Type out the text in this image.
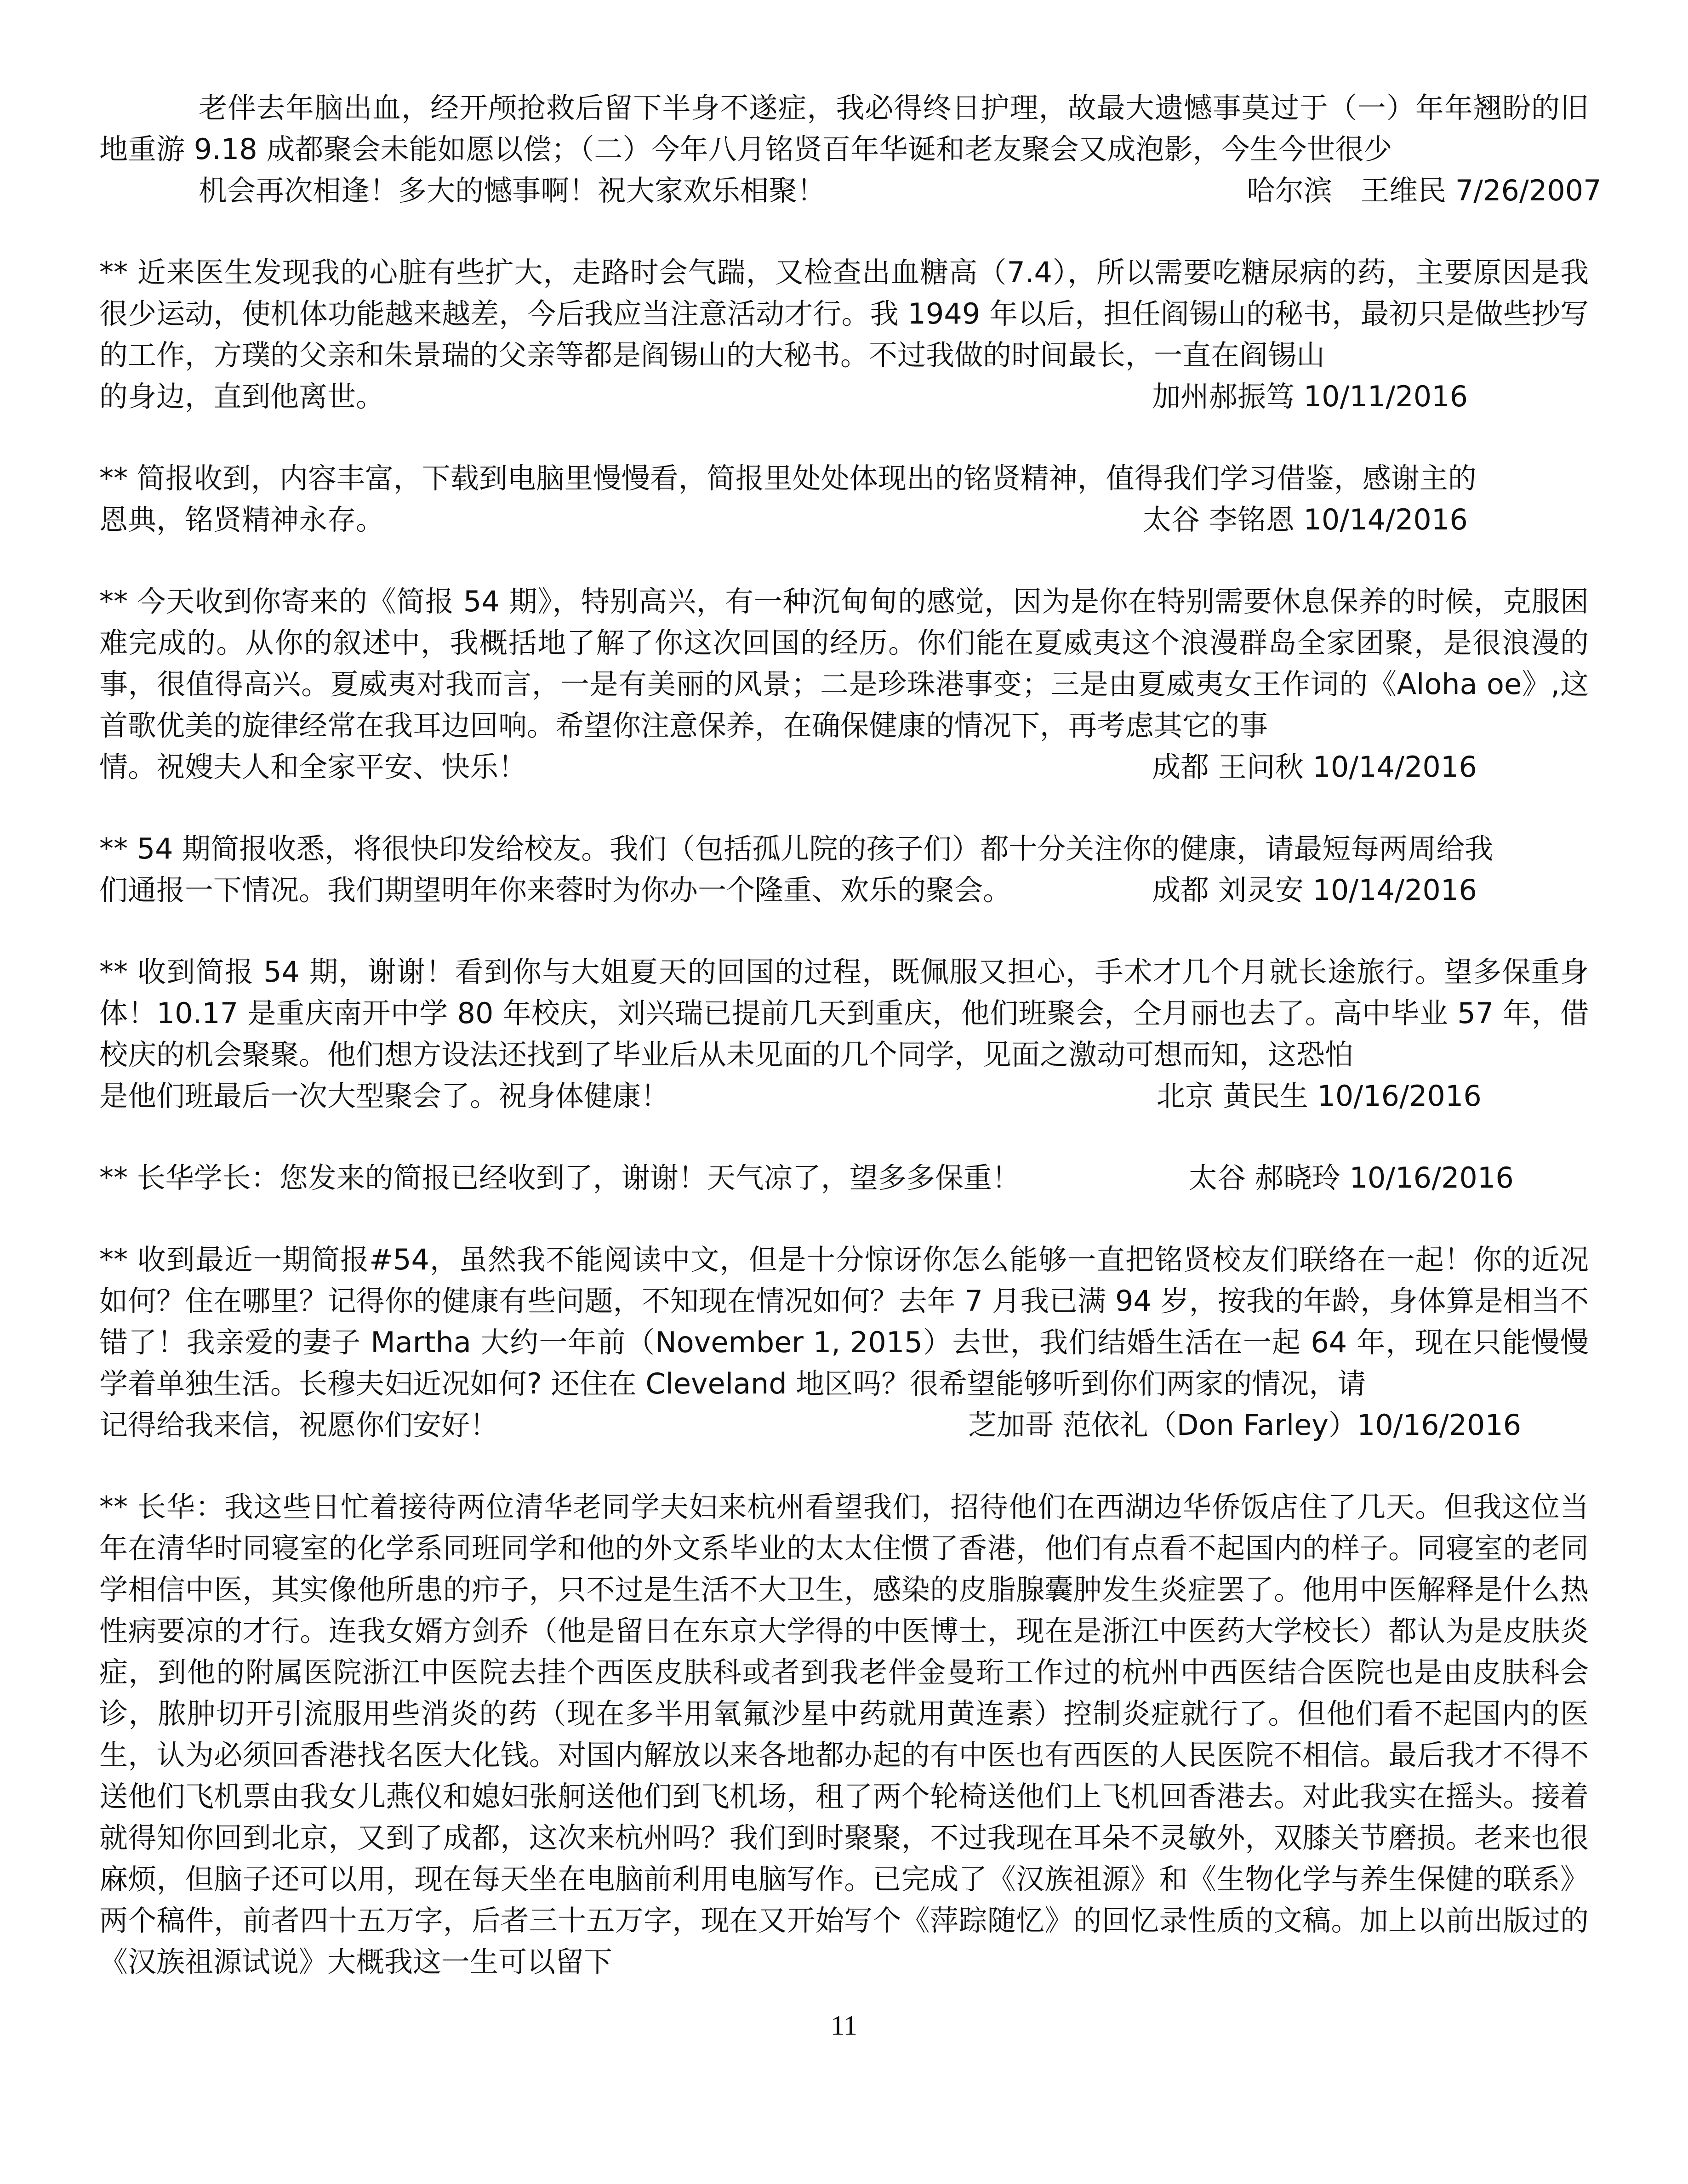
老伴去年脑出血，经开颅抢救后留下半身不遂症，我必得终日护理，故最大遗憾事莫过于（一）年年翘盼的旧地重游 9.18 成都聚会未能如愿以偿；（二）今年八月铭贤百年华诞和老友聚会又成泡影，今生今世很少
机会再次相逢！多大的憾事啊！祝大家欢乐相聚！	哈尔滨　王维民 7/26/2007
** 近来医生发现我的心脏有些扩大，走路时会气踹，又检查出血糖高（7.4），所以需要吃糖尿病的药，主要原因是我很少运动，使机体功能越来越差，今后我应当注意活动才行。我 1949 年以后，担任阎锡山的秘书，最初只是做些抄写的工作，方璞的父亲和朱景瑞的父亲等都是阎锡山的大秘书。不过我做的时间最长，一直在阎锡山
的身边，直到他离世。	加州郝振笃 10/11/2016
** 简报收到，内容丰富，下载到电脑里慢慢看，简报里处处体现出的铭贤精神，值得我们学习借鉴，感谢主的
恩典，铭贤精神永存。	太谷 李铭恩 10/14/2016
** 今天收到你寄来的《简报 54 期》，特别高兴，有一种沉甸甸的感觉，因为是你在特别需要休息保养的时候，克服困难完成的。从你的叙述中，我概括地了解了你这次回国的经历。你们能在夏威夷这个浪漫群岛全家团聚，是很浪漫的事，很值得高兴。夏威夷对我而言，一是有美丽的风景；二是珍珠港事变；三是由夏威夷女王作词的《Aloha oe》,这首歌优美的旋律经常在我耳边回响。希望你注意保养，在确保健康的情况下，再考虑其它的事
情。祝嫂夫人和全家平安、快乐！	成都 王问秋 10/14/2016
** 54 期简报收悉，将很快印发给校友。我们（包括孤儿院的孩子们）都十分关注你的健康，请最短每两周给我
们通报一下情况。我们期望明年你来蓉时为你办一个隆重、欢乐的聚会。	成都 刘灵安 10/14/2016
** 收到简报 54 期，谢谢！看到你与大姐夏天的回国的过程，既佩服又担心，手术才几个月就长途旅行。望多保重身体！10.17 是重庆南开中学 80 年校庆，刘兴瑞已提前几天到重庆，他们班聚会，仝月丽也去了。高中毕业 57 年，借校庆的机会聚聚。他们想方设法还找到了毕业后从未见面的几个同学，见面之激动可想而知，这恐怕
是他们班最后一次大型聚会了。祝身体健康！	北京 黄民生 10/16/2016
** 长华学长：您发来的简报已经收到了，谢谢！天气凉了，望多多保重！	太谷 郝晓玲 10/16/2016
** 收到最近一期简报#54，虽然我不能阅读中文，但是十分惊讶你怎么能够一直把铭贤校友们联络在一起！你的近况如何？住在哪里？记得你的健康有些问题，不知现在情况如何？去年 7 月我已满 94 岁，按我的年龄，身体算是相当不错了！我亲爱的妻子 Martha 大约一年前（November 1, 2015）去世，我们结婚生活在一起 64 年，现在只能慢慢学着单独生活。长穆夫妇近况如何? 还住在 Cleveland 地区吗？很希望能够听到你们两家的情况，请
记得给我来信，祝愿你们安好！	芝加哥 范依礼（Don Farley）10/16/2016
** 长华：我这些日忙着接待两位清华老同学夫妇来杭州看望我们，招待他们在西湖边华侨饭店住了几天。但我这位当年在清华时同寝室的化学系同班同学和他的外文系毕业的太太住惯了香港，他们有点看不起国内的样子。同寝室的老同学相信中医，其实像他所患的疖子，只不过是生活不大卫生，感染的皮脂腺囊肿发生炎症罢了。他用中医解释是什么热性病要凉的才行。连我女婿方剑乔（他是留日在东京大学得的中医博士，现在是浙江中医药大学校长）都认为是皮肤炎症，到他的附属医院浙江中医院去挂个西医皮肤科或者到我老伴金曼珩工作过的杭州中西医结合医院也是由皮肤科会诊，脓肿切开引流服用些消炎的药（现在多半用氧氟沙星中药就用黄连素）控制炎症就行了。但他们看不起国内的医生，认为必须回香港找名医大化钱。对国内解放以来各地都办起的有中医也有西医的人民医院不相信。最后我才不得不送他们飞机票由我女儿燕仪和媳妇张舸送他们到飞机场，租了两个轮椅送他们上飞机回香港去。对此我实在摇头。接着就得知你回到北京，又到了成都，这次来杭州吗？我们到时聚聚，不过我现在耳朵不灵敏外，双膝关节磨损。老来也很麻烦，但脑子还可以用，现在每天坐在电脑前利用电脑写作。已完成了《汉族祖源》和《生物化学与养生保健的联系》两个稿件，前者四十五万字，后者三十五万字，现在又开始写个《萍踪随忆》的回忆录性质的文稿。加上以前出版过的《汉族祖源试说》大概我这一生可以留下
11
